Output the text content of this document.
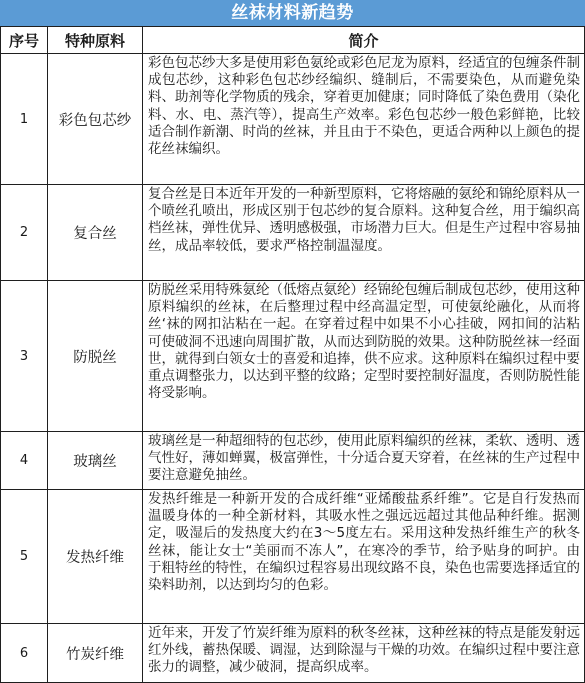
丝袜材料新趋势
序号	特种原料	简介
1	彩色包芯纱	彩色包芯纱大多是使用彩色氨纶或彩色尼龙为原料，经适宜的包缠条件制成包芯纱，这种彩色包芯纱经编织、缝制后，不需要染色，从而避免染料、助剂等化学物质的残余，穿着更加健康；同时降低了染色费用（染化料、水、电、蒸汽等），提高生产效率。彩色包芯纱一般色彩鲜艳，比较适合制作新潮、时尚的丝袜，并且由于不染色，更适合两种以上颜色的提花丝袜编织。

2	复合丝	复合丝是日本近年开发的一种新型原料，它将熔融的氨纶和锦纶原料从一个喷丝孔喷出，形成区别于包芯纱的复合原料。这种复合丝，用于编织高档丝袜，弹性优异、透明感极强，市场潜力巨大。但是生产过程中容易抽丝，成品率较低，要求严格控制温湿度。

3	防脱丝	防脱丝采用特殊氨纶（低熔点氨纶）经锦纶包缠后制成包芯纱，使用这种原料编织的丝袜，在后整理过程中经高温定型，可使氨纶融化，从而将丝‘袜的网扣沾粘在一起。在穿着过程中如果不小心挂破，网扣间的沾粘可使破洞不迅速向周围扩散，从而达到防脱的效果。这种防脱丝袜一经面世，就得到白领女士的喜爱和追捧，供不应求。这种原料在编织过程中要重点调整张力，以达到平整的纹路；定型时要控制好温度，否则防脱性能将受影响。

4	玻璃丝	玻璃丝是一种超细特的包芯纱，使用此原料编织的丝袜，柔软、透明、透气性好，薄如蝉翼，极富弹性，十分适合夏天穿着，在丝袜的生产过程中要注意避免抽丝。

5	发热纤维	发热纤维是一种新开发的合成纤维“亚烯酸盐系纤维”。它是自行发热而温暖身体的一种全新材料，其吸水性之强远远超过其他品种纤维。据测定，吸湿后的发热度大约在3～5度左右。采用这种发热纤维生产的秋冬丝袜，能让女士“美丽而不冻人”，在寒冷的季节，给予贴身的呵护。由于粗特丝的特性，在编织过程容易出现纹路不良，染色也需要选择适宜的染料助剂，以达到均匀的色彩。

6	竹炭纤维	近年来，开发了竹炭纤维为原料的秋冬丝袜，这种丝袜的特点是能发射远红外线，蓄热保暖、调湿，达到除湿与干燥的功效。在编织过程中要注意张力的调整，减少破洞，提高织成率。
